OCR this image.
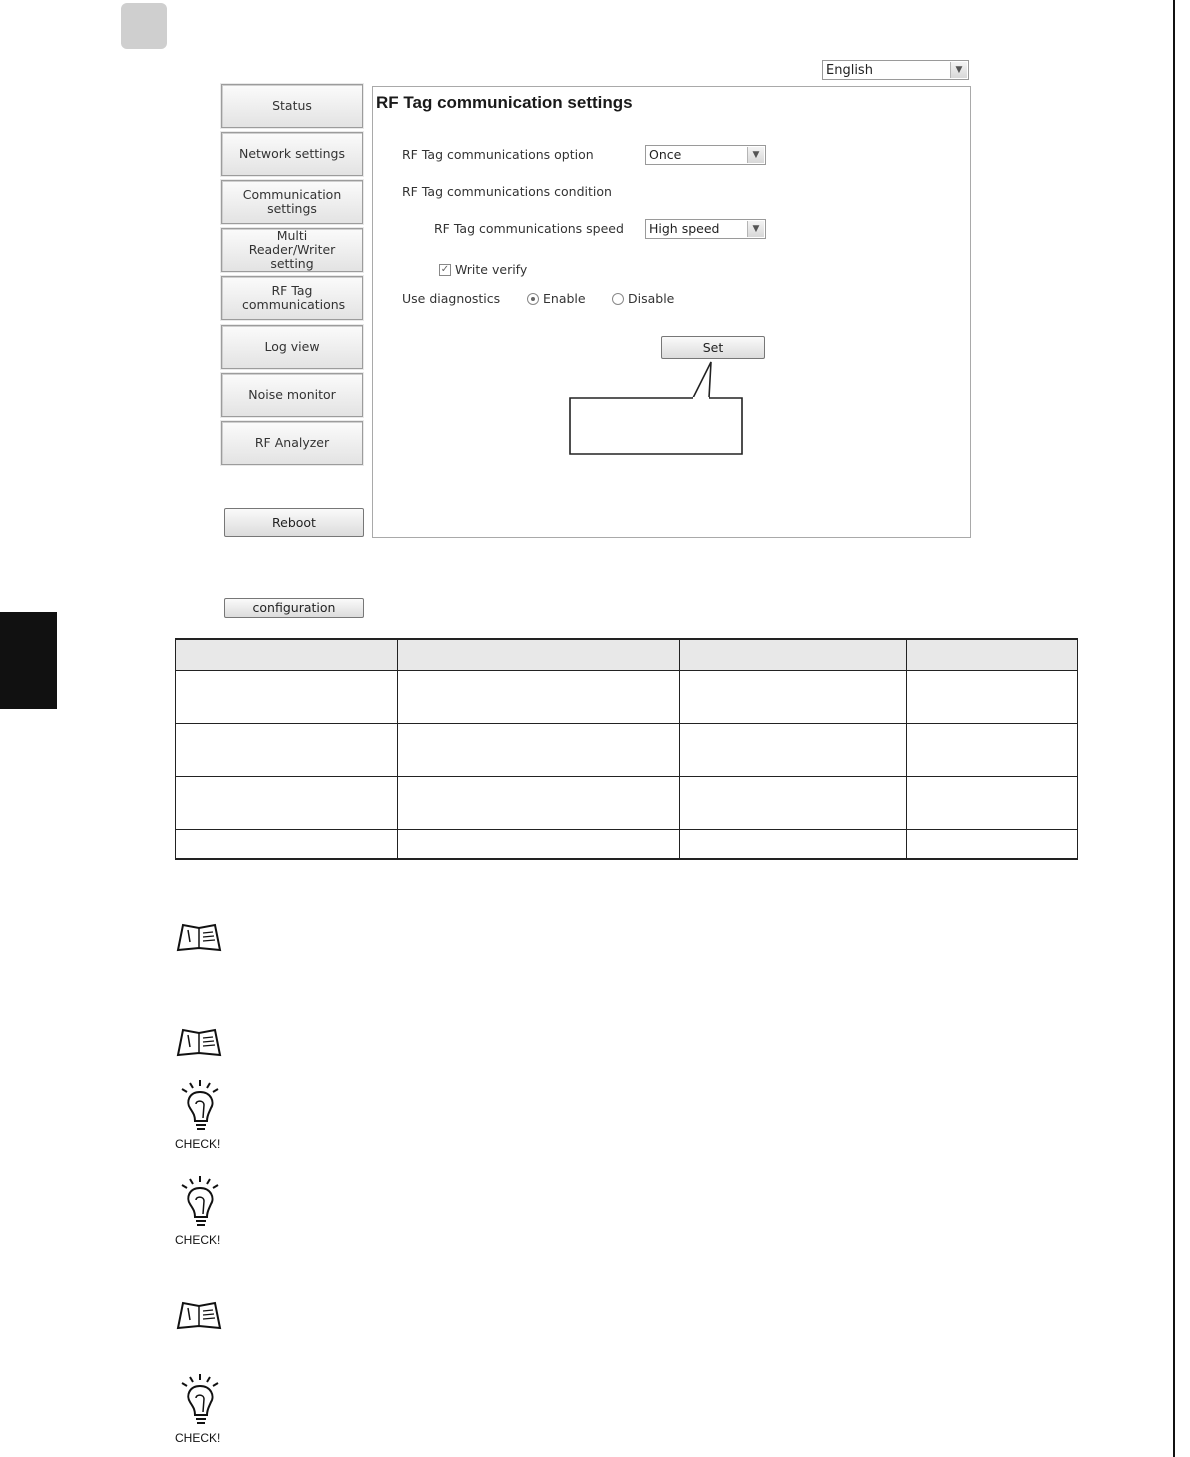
English	▼
Status
Network settings
Communication settings
Multi Reader/Writer setting
RF Tag communications
Log view
Noise monitor
RF Analyzer
Reboot
configuration
RF Tag communication settings
RF Tag communications option	Once	▼
RF Tag communications condition
RF Tag communications speed	High speed	▼
✓ Write verify
Use diagnostics	Enable	Disable
Set

CHECK!
CHECK!
CHECK!
